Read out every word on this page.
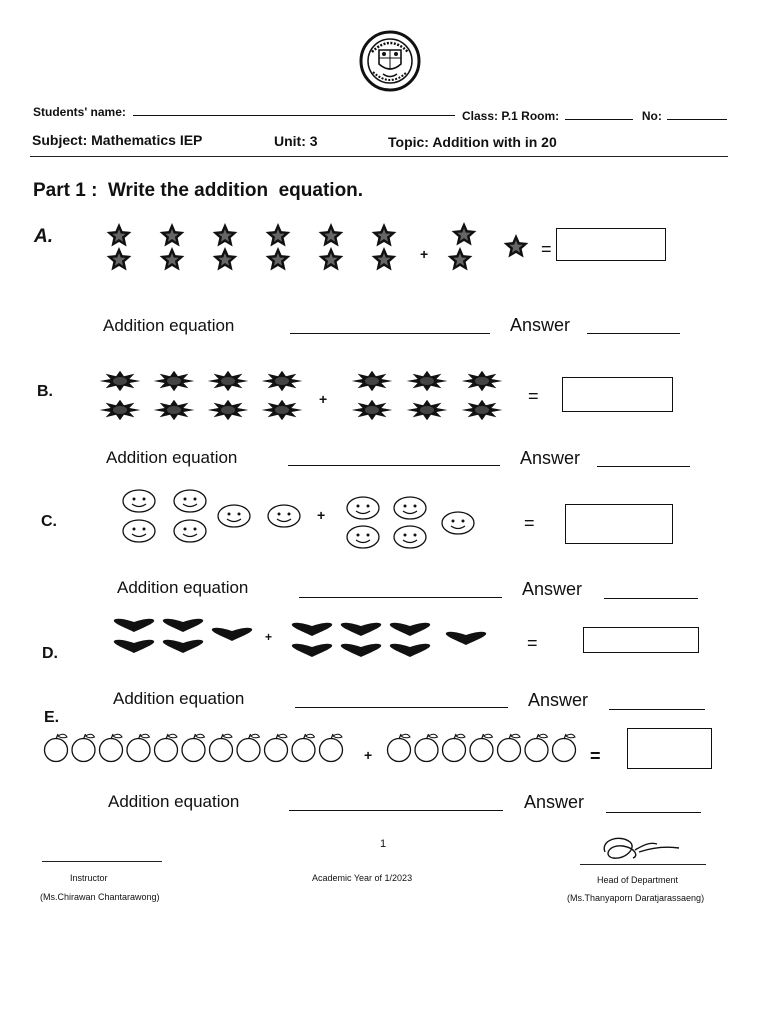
Students' name:	Class: P.1 Room:	No:
Subject: Mathematics IEP	Unit: 3	Topic: Addition with in 20
Part 1 :  Write the addition  equation.
A.
+	=
Addition equation	Answer
B.	+	=
Addition equation	Answer
C.	+	=
Addition equation	Answer
D.
+	=
Addition equation	Answer
E.
+	=
Addition equation	Answer
1
Instructor
(Ms.Chirawan Chantarawong)
Academic Year of 1/2023	Head of Department
(Ms.Thanyaporn Daratjarassaeng)
